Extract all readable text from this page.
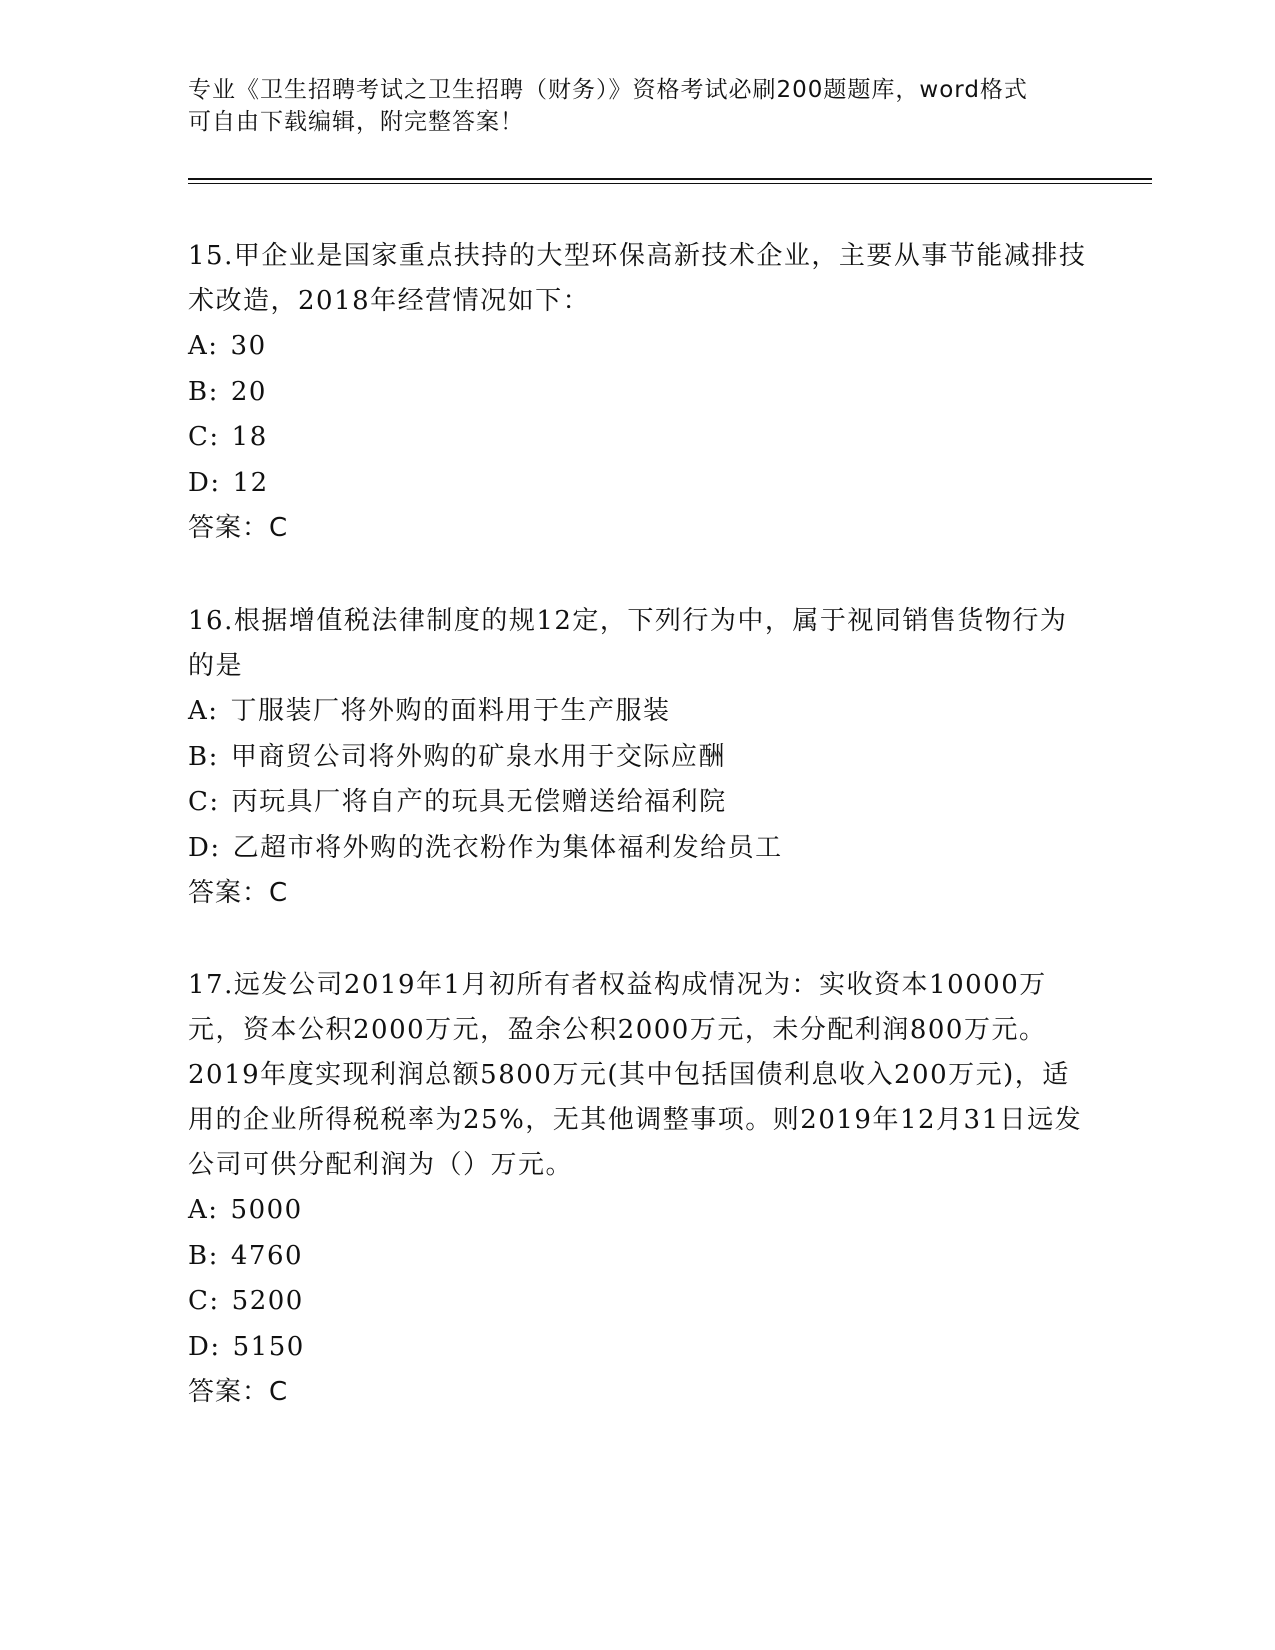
专业《卫生招聘考试之卫生招聘（财务）》资格考试必刷200题题库，word格式
可自由下载编辑，附完整答案！

15.甲企业是国家重点扶持的大型环保高新技术企业，主要从事节能减排技术改造，2018年经营情况如下：

A: 30

B: 20

C: 18

D: 12

答案：C

16.根据增值税法律制度的规12定，下列行为中，属于视同销售货物行为的是

A: 丁服装厂将外购的面料用于生产服装

B: 甲商贸公司将外购的矿泉水用于交际应酬

C: 丙玩具厂将自产的玩具无偿赠送给福利院

D: 乙超市将外购的洗衣粉作为集体福利发给员工

答案：C

17.远发公司2019年1月初所有者权益构成情况为：实收资本10000万元，资本公积2000万元，盈余公积2000万元，未分配利润800万元。2019年度实现利润总额5800万元(其中包括国债利息收入200万元)，适用的企业所得税税率为25%，无其他调整事项。则2019年12月31日远发公司可供分配利润为（）万元。

A: 5000

B: 4760

C: 5200

D: 5150

答案：C
